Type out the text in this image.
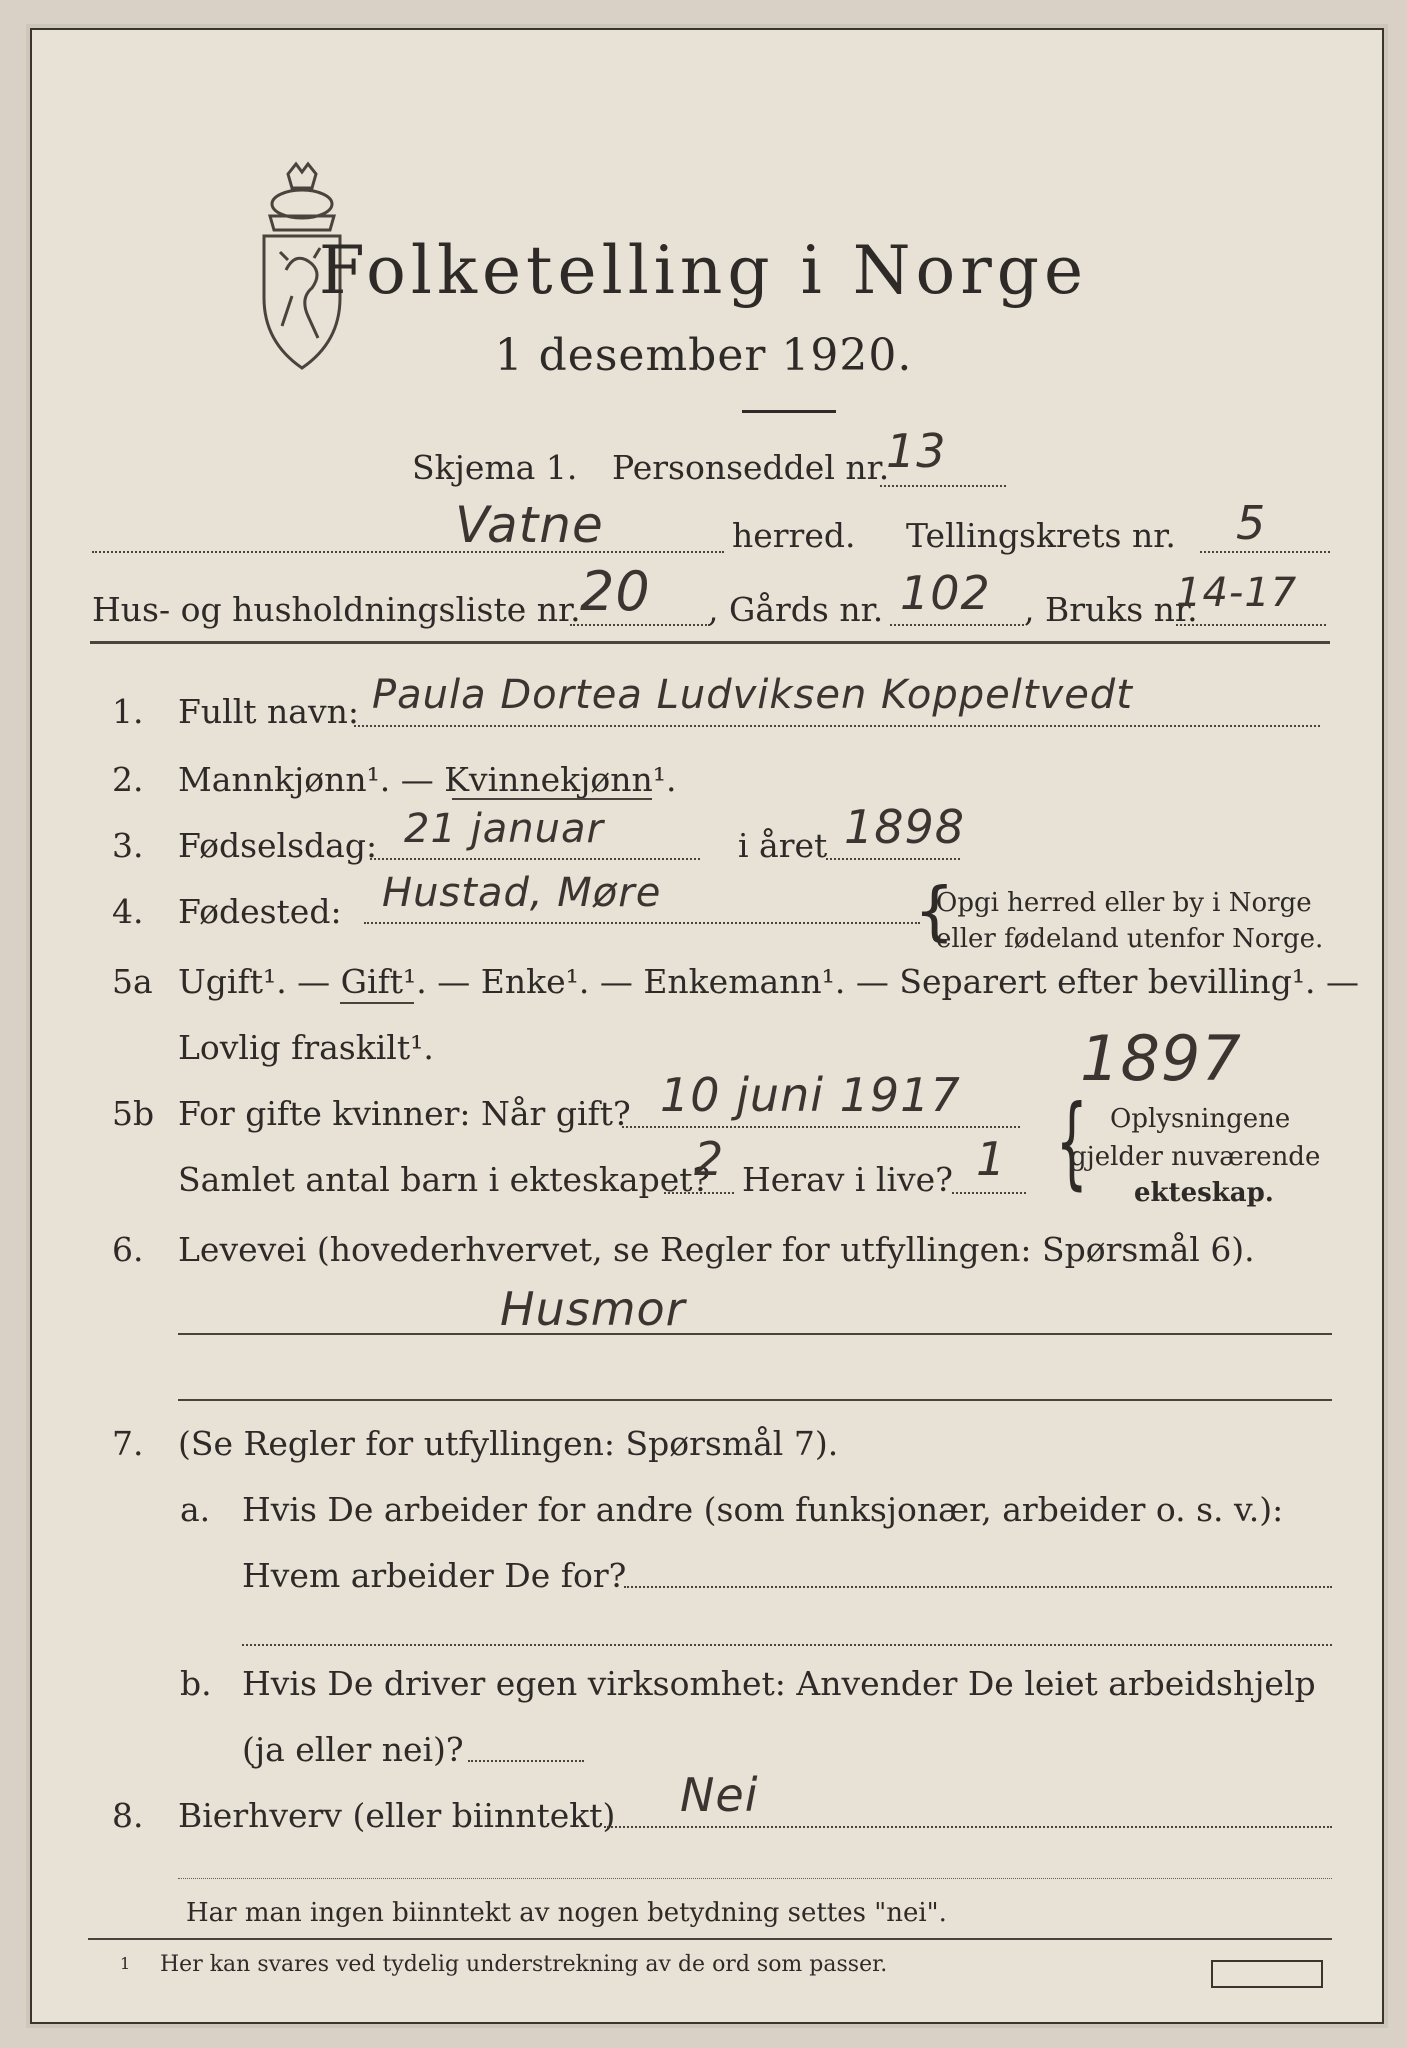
Folketelling i Norge
1 desember 1920.
Skjema 1. Personseddel nr.
13
Vatne	herred. Tellingskrets nr. 5
Hus- og husholdningsliste nr. 20 , Gårds nr. 102 , Bruks nr.
14-17
1. Fullt navn: Paula Dortea Ludviksen Koppeltvedt
2. Mannkjønn¹. — Kvinnekjønn¹.
3. Fødselsdag: 21 januar	i året 1898
4. Fødested: Hustad, Møre	{
Opgi herred eller by i Norge
eller fødeland utenfor Norge.
5a Ugift¹. — Gift¹. — Enke¹. — Enkemann¹. — Separert efter bevilling¹. —
Lovlig fraskilt¹.	1897
5b For gifte kvinner: Når gift? 10 juni 1917
Samlet antal barn i ekteskapet?
2 Herav i live? 1 { Oplysningene
gjelder nuværende
ekteskap.
6. Levevei (hovederhvervet, se Regler for utfyllingen: Spørsmål 6).
Husmor
7. (Se Regler for utfyllingen: Spørsmål 7).
a. Hvis De arbeider for andre (som funksjonær, arbeider o. s. v.):
Hvem arbeider De for?
b. Hvis De driver egen virksomhet: Anvender De leiet arbeidshjelp
(ja eller nei)?
8. Bierhverv (eller biinntekt) Nei
Har man ingen biinntekt av nogen betydning settes "nei".
1 Her kan svares ved tydelig understrekning av de ord som passer.
